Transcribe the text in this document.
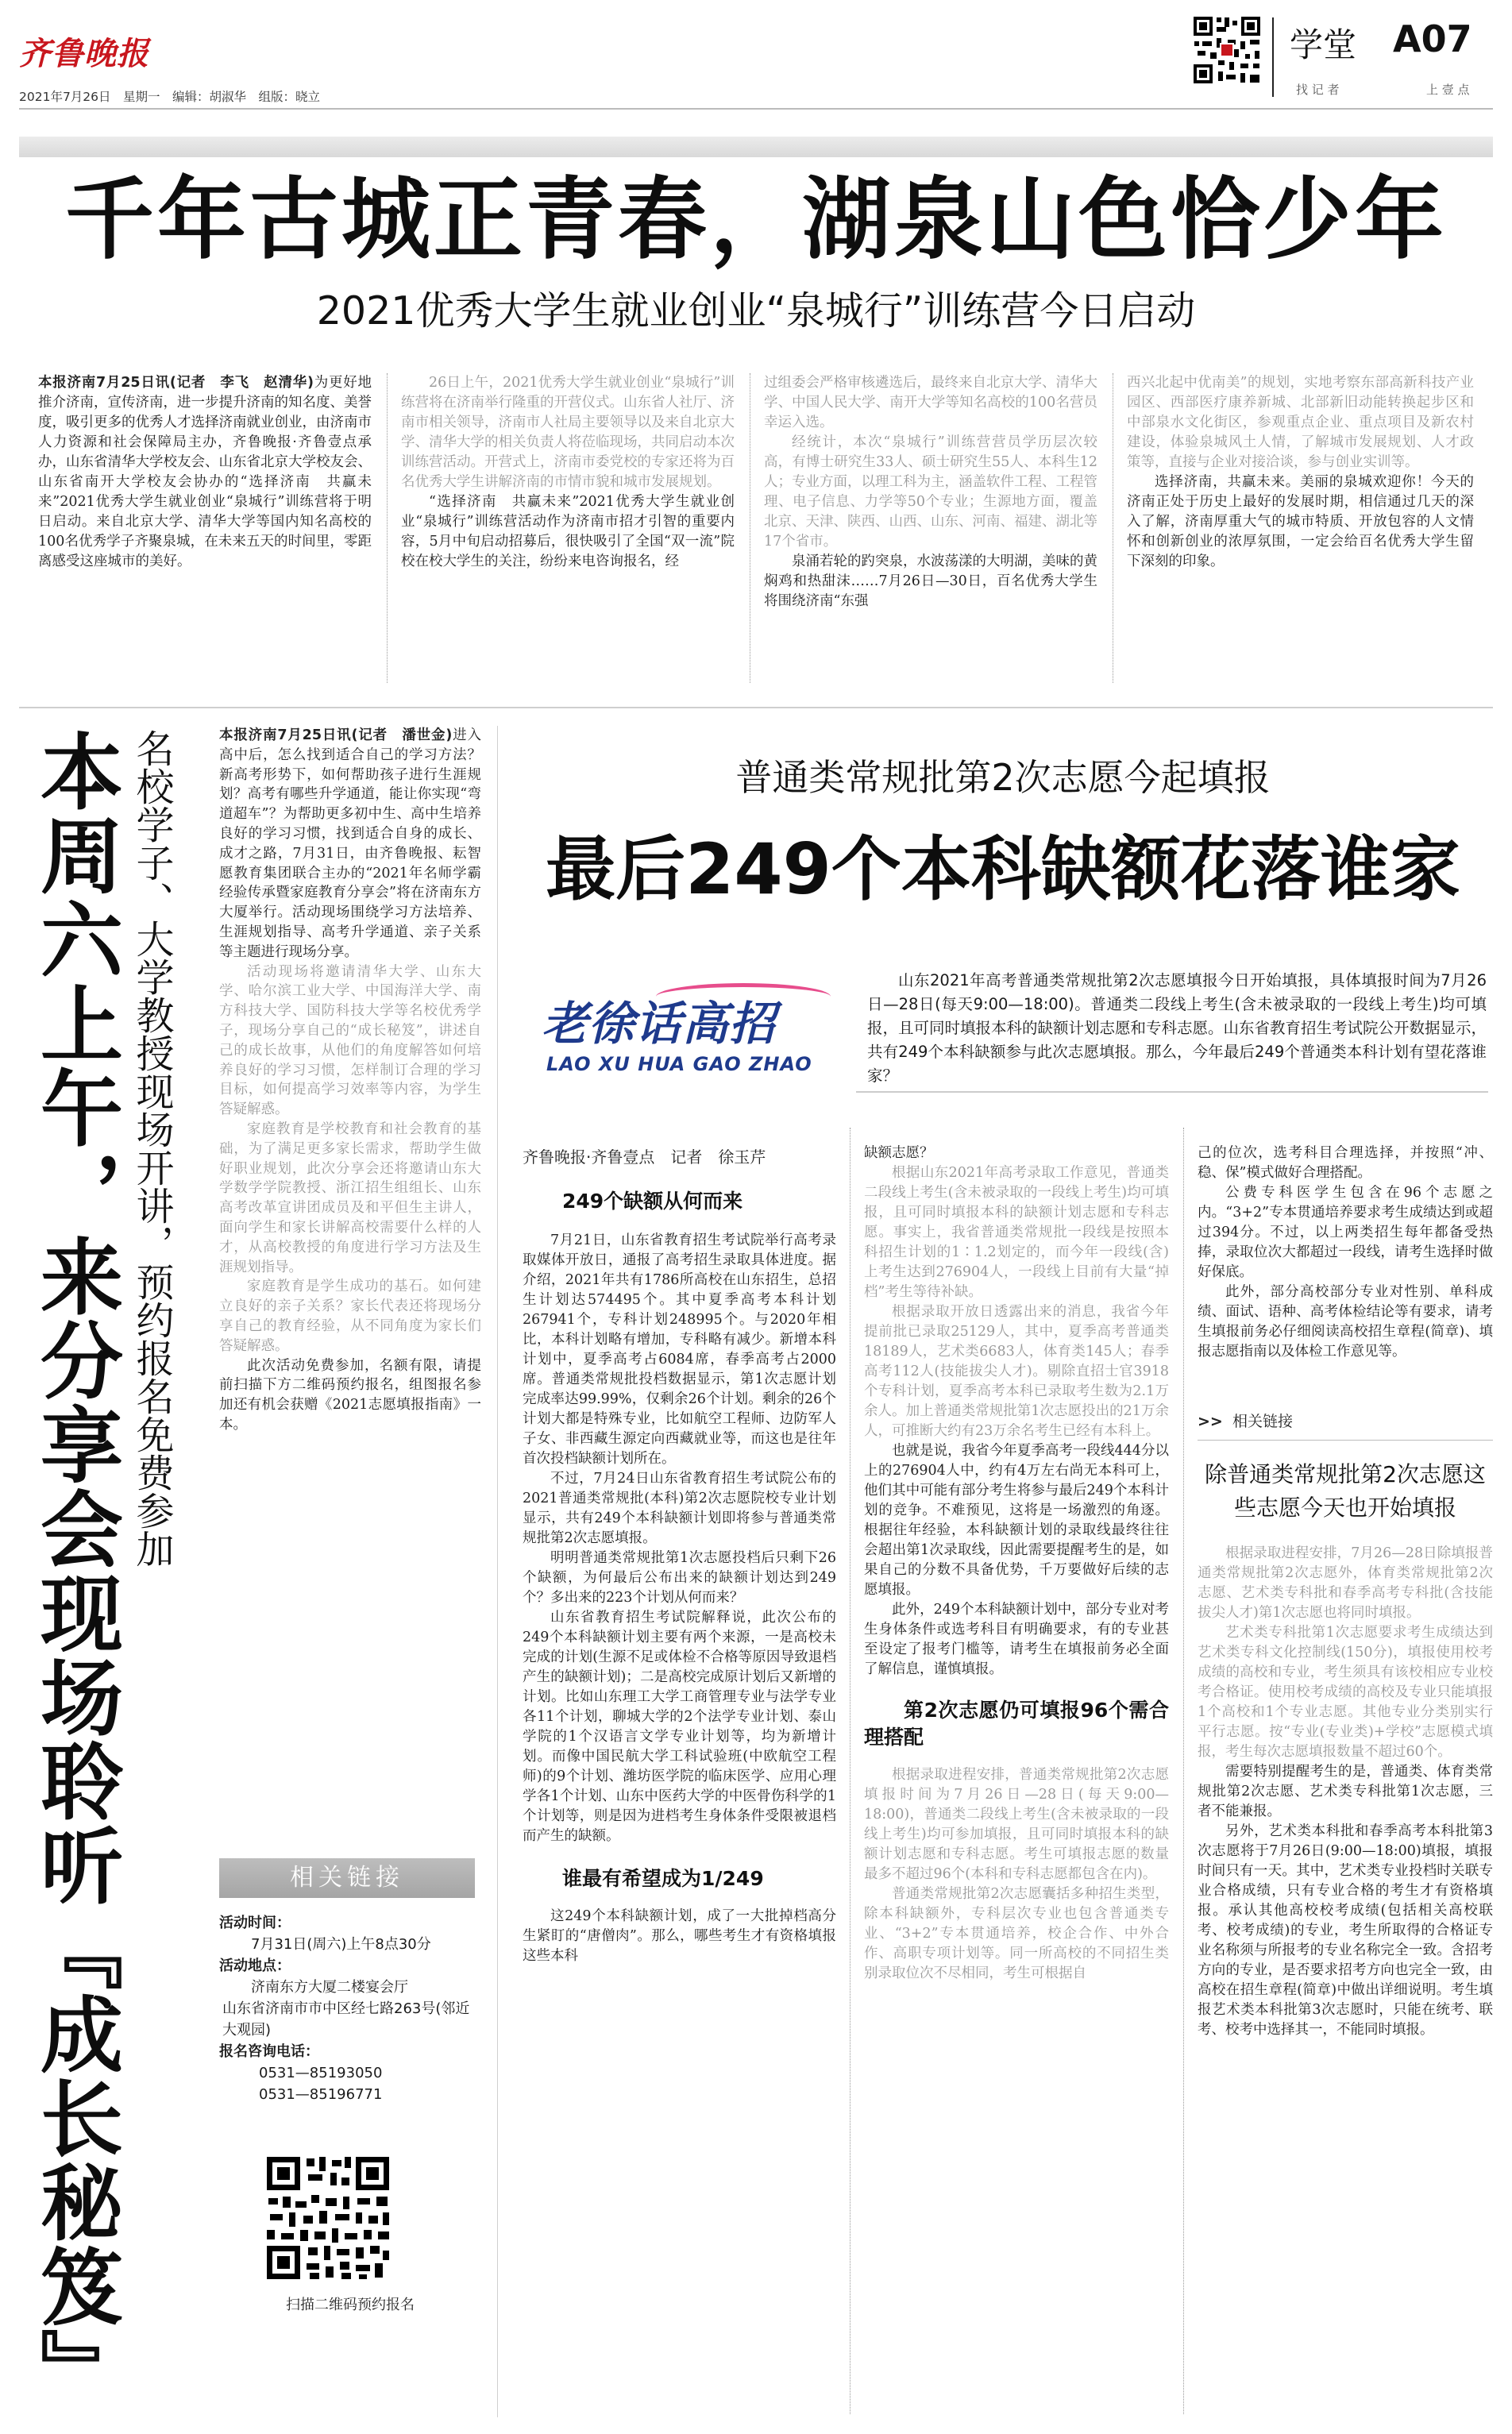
齐鲁晚报
2021年7月26日　星期一　编辑：胡淑华　组版：晓立
学堂 A07
找 记 者	上 壹 点
千年古城正青春，湖泉山色恰少年
2021优秀大学生就业创业“泉城行”训练营今日启动

本报济南7月25日讯(记者　李飞　赵清华)为更好地推介济南，宣传济南，进一步提升济南的知名度、美誉度，吸引更多的优秀人才选择济南就业创业，由济南市人力资源和社会保障局主办，齐鲁晚报·齐鲁壹点承办，山东省清华大学校友会、山东省北京大学校友会、山东省南开大学校友会协办的“选择济南　共赢未来”2021优秀大学生就业创业“泉城行”训练营将于明日启动。来自北京大学、清华大学等国内知名高校的100名优秀学子齐聚泉城，在未来五天的时间里，零距离感受这座城市的美好。

26日上午，2021优秀大学生就业创业“泉城行”训练营将在济南举行隆重的开营仪式。山东省人社厅、济南市相关领导，济南市人社局主要领导以及来自北京大学、清华大学的相关负责人将莅临现场，共同启动本次训练营活动。开营式上，济南市委党校的专家还将为百名优秀大学生讲解济南的市情市貌和城市发展规划。

“选择济南　共赢未来”2021优秀大学生就业创业“泉城行”训练营活动作为济南市招才引智的重要内容，5月中旬启动招募后，很快吸引了全国“双一流”院校在校大学生的关注，纷纷来电咨询报名，经

过组委会严格审核遴选后，最终来自北京大学、清华大学、中国人民大学、南开大学等知名高校的100名营员幸运入选。

经统计，本次“泉城行”训练营营员学历层次较高，有博士研究生33人、硕士研究生55人、本科生12人；专业方面，以理工科为主，涵盖软件工程、工程管理、电子信息、力学等50个专业；生源地方面，覆盖北京、天津、陕西、山西、山东、河南、福建、湖北等17个省市。

泉涌若轮的趵突泉，水波荡漾的大明湖，美味的黄焖鸡和热甜沫……7月26日—30日，百名优秀大学生将围绕济南“东强

西兴北起中优南美”的规划，实地考察东部高新科技产业园区、西部医疗康养新城、北部新旧动能转换起步区和中部泉水文化街区，参观重点企业、重点项目及新农村建设，体验泉城风土人情，了解城市发展规划、人才政策等，直接与企业对接洽谈，参与创业实训等。

选择济南，共赢未来。美丽的泉城欢迎你！今天的济南正处于历史上最好的发展时期，相信通过几天的深入了解，济南厚重大气的城市特质、开放包容的人文情怀和创新创业的浓厚氛围，一定会给百名优秀大学生留下深刻的印象。

本周六上午，来分享会现场聆听『成长秘笈』 名校学子、大学教授现场开讲，预约报名免费参加	本报济南7月25日讯(记者　潘世金)进入高中后，怎么找到适合自己的学习方法？新高考形势下，如何帮助孩子进行生涯规划？高考有哪些升学通道，能让你实现“弯道超车”？为帮助更多初中生、高中生培养良好的学习习惯，找到适合自身的成长、成才之路，7月31日，由齐鲁晚报、耘智愿教育集团联合主办的“2021年名师学霸经验传承暨家庭教育分享会”将在济南东方大厦举行。活动现场围绕学习方法培养、生涯规划指导、高考升学通道、亲子关系等主题进行现场分享。

活动现场将邀请清华大学、山东大学、哈尔滨工业大学、中国海洋大学、南方科技大学、国防科技大学等名校优秀学子，现场分享自己的“成长秘笈”，讲述自己的成长故事，从他们的角度解答如何培养良好的学习习惯，怎样制订合理的学习目标，如何提高学习效率等内容，为学生答疑解惑。

家庭教育是学校教育和社会教育的基础，为了满足更多家长需求，帮助学生做好职业规划，此次分享会还将邀请山东大学数学学院教授、浙江招生组组长、山东高考改革宣讲团成员及和平但生主讲人，面向学生和家长讲解高校需要什么样的人才，从高校教授的角度进行学习方法及生涯规划指导。

家庭教育是学生成功的基石。如何建立良好的亲子关系？家长代表还将现场分享自己的教育经验，从不同角度为家长们答疑解惑。

此次活动免费参加，名额有限，请提前扫描下方二维码预约报名，组图报名参加还有机会获赠《2021志愿填报指南》一本。

相关链接
活动时间：
7月31日(周六)上午8点30分
活动地点：
济南东方大厦二楼宴会厅
山东省济南市市中区经七路263号(邻近大观园)
报名咨询电话：
0531—85193050
0531—85196771
扫描二维码预约报名
普通类常规批第2次志愿今起填报
最后249个本科缺额花落谁家
老徐话高招
LAO XU HUA GAO ZHAO
山东2021年高考普通类常规批第2次志愿填报今日开始填报，具体填报时间为7月26日—28日(每天9:00—18:00)。普通类二段线上考生(含未被录取的一段线上考生)均可填报，且可同时填报本科的缺额计划志愿和专科志愿。山东省教育招生考试院公开数据显示，共有249个本科缺额参与此次志愿填报。那么，今年最后249个普通类本科计划有望花落谁家？

齐鲁晚报·齐鲁壹点　记者　徐玉芹

249个缺额从何而来

7月21日，山东省教育招生考试院举行高考录取媒体开放日，通报了高考招生录取具体进度。据介绍，2021年共有1786所高校在山东招生，总招生计划达574495个。其中夏季高考本科计划267941个，专科计划248995个。与2020年相比，本科计划略有增加，专科略有减少。新增本科计划中，夏季高考占6084席，春季高考占2000席。普通类常规批投档数据显示，第1次志愿计划完成率达99.99%，仅剩余26个计划。剩余的26个计划大都是特殊专业，比如航空工程师、边防军人子女、非西藏生源定向西藏就业等，而这也是往年首次投档缺额计划所在。

不过，7月24日山东省教育招生考试院公布的2021普通类常规批(本科)第2次志愿院校专业计划显示，共有249个本科缺额计划即将参与普通类常规批第2次志愿填报。

明明普通类常规批第1次志愿投档后只剩下26个缺额，为何最后公布出来的缺额计划达到249个？多出来的223个计划从何而来？

山东省教育招生考试院解释说，此次公布的249个本科缺额计划主要有两个来源，一是高校未完成的计划(生源不足或体检不合格等原因导致退档产生的缺额计划)；二是高校完成原计划后又新增的计划。比如山东理工大学工商管理专业与法学专业各11个计划，聊城大学的2个法学专业计划、泰山学院的1个汉语言文学专业计划等，均为新增计划。而像中国民航大学工科试验班(中欧航空工程师)的9个计划、潍坊医学院的临床医学、应用心理学各1个计划、山东中医药大学的中医骨伤科学的1个计划等，则是因为进档考生身体条件受限被退档而产生的缺额。

谁最有希望成为1/249

这249个本科缺额计划，成了一大批掉档高分生紧盯的“唐僧肉”。那么，哪些考生才有资格填报这些本科

缺额志愿？

根据山东2021年高考录取工作意见，普通类二段线上考生(含未被录取的一段线上考生)均可填报，且可同时填报本科的缺额计划志愿和专科志愿。事实上，我省普通类常规批一段线是按照本科招生计划的1∶1.2划定的，而今年一段线(含)上考生达到276904人，一段线上目前有大量“掉档”考生等待补缺。

根据录取开放日透露出来的消息，我省今年提前批已录取25129人，其中，夏季高考普通类18189人，艺术类6683人，体育类145人；春季高考112人(技能拔尖人才)。剔除直招士官3918个专科计划，夏季高考本科已录取考生数为2.1万余人。加上普通类常规批第1次志愿投出的21万余人，可推断大约有23万余名考生已经有本科上。

也就是说，我省今年夏季高考一段线444分以上的276904人中，约有4万左右尚无本科可上，他们其中可能有部分考生将参与最后249个本科计划的竞争。不难预见，这将是一场激烈的角逐。根据往年经验，本科缺额计划的录取线最终往往会超出第1次录取线，因此需要提醒考生的是，如果自己的分数不具备优势，千万要做好后续的志愿填报。

此外，249个本科缺额计划中，部分专业对考生身体条件或选考科目有明确要求，有的专业甚至设定了报考门槛等，请考生在填报前务必全面了解信息，谨慎填报。

第2次志愿仍可填报96个需合理搭配

根据录取进程安排，普通类常规批第2次志愿填报时间为7月26日—28日(每天9:00—18:00)，普通类二段线上考生(含未被录取的一段线上考生)均可参加填报，且可同时填报本科的缺额计划志愿和专科志愿。考生可填报志愿的数量最多不超过96个(本科和专科志愿都包含在内)。

普通类常规批第2次志愿囊括多种招生类型，除本科缺额外，专科层次专业也包含普通类专业、“3+2”专本贯通培养，校企合作、中外合作、高职专项计划等。同一所高校的不同招生类别录取位次不尽相同，考生可根据自

己的位次，选考科目合理选择，并按照“冲、稳、保”模式做好合理搭配。

公费专科医学生包含在96个志愿之内。“3+2”专本贯通培养要求考生成绩达到或超过394分。不过，以上两类招生每年都备受热捧，录取位次大都超过一段线，请考生选择时做好保底。

此外，部分高校部分专业对性别、单科成绩、面试、语种、高考体检结论等有要求，请考生填报前务必仔细阅读高校招生章程(简章)、填报志愿指南以及体检工作意见等。

>> 相关链接
除普通类常规批第2次志愿这些志愿今天也开始填报

根据录取进程安排，7月26—28日除填报普通类常规批第2次志愿外，体育类常规批第2次志愿、艺术类专科批和春季高考专科批(含技能拔尖人才)第1次志愿也将同时填报。

艺术类专科批第1次志愿要求考生成绩达到艺术类专科文化控制线(150分)，填报使用校考成绩的高校和专业，考生须具有该校相应专业校考合格证。使用校考成绩的高校及专业只能填报1个高校和1个专业志愿。其他专业分类别实行平行志愿。按“专业(专业类)+学校”志愿模式填报，考生每次志愿填报数量不超过60个。

需要特别提醒考生的是，普通类、体育类常规批第2次志愿、艺术类专科批第1次志愿，三者不能兼报。

另外，艺术类本科批和春季高考本科批第3次志愿将于7月26日(9:00—18:00)填报，填报时间只有一天。其中，艺术类专业投档时关联专业合格成绩，只有专业合格的考生才有资格填报。承认其他高校校考成绩(包括相关高校联考、校考成绩)的专业，考生所取得的合格证专业名称须与所报考的专业名称完全一致。含招考方向的专业，是否要求招考方向也完全一致，由高校在招生章程(简章)中做出详细说明。考生填报艺术类本科批第3次志愿时，只能在统考、联考、校考中选择其一，不能同时填报。
